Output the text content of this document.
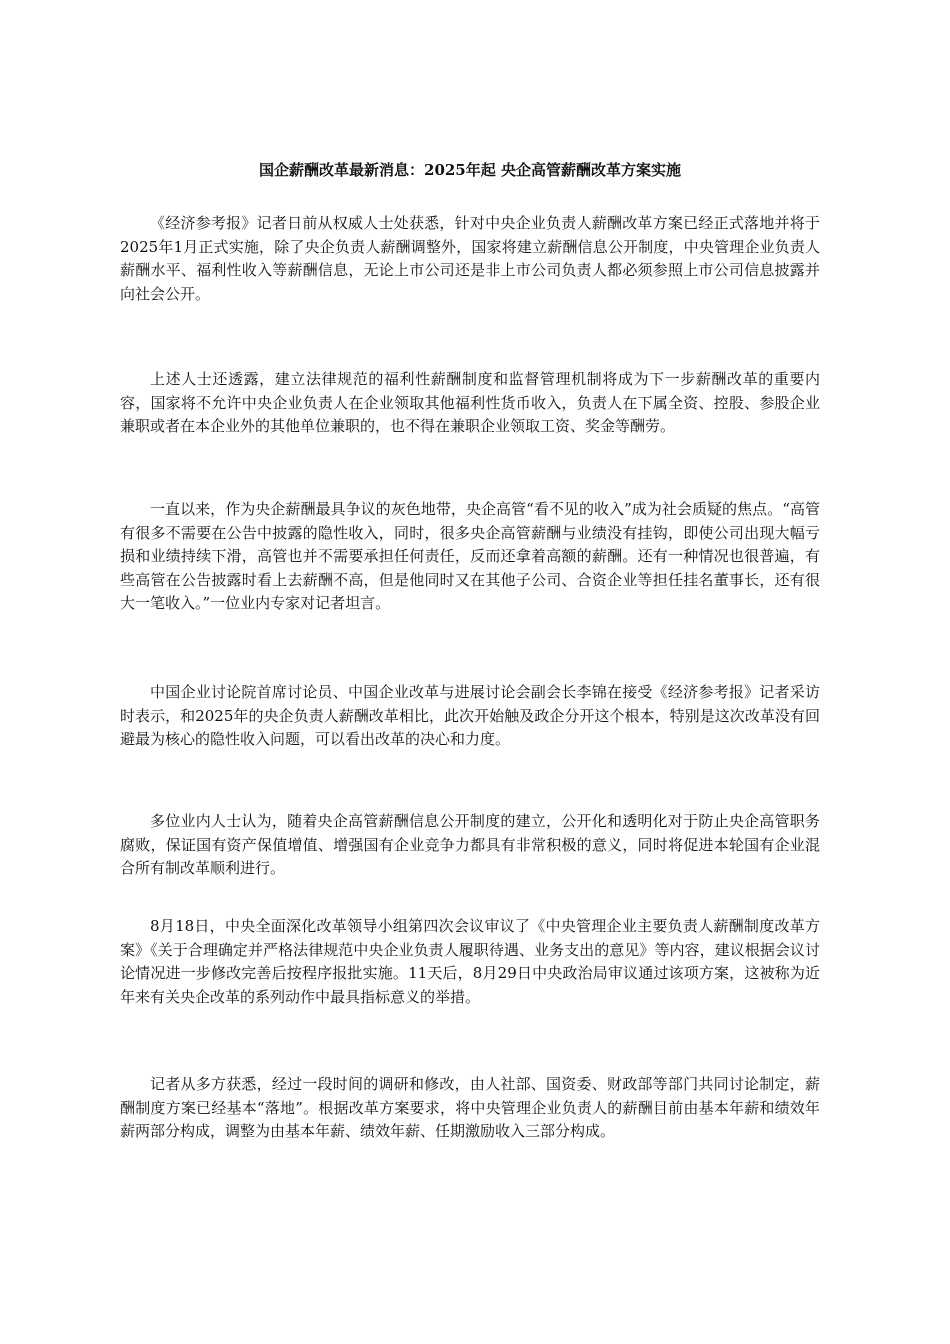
国企薪酬改革最新消息：2025年起 央企高管薪酬改革方案实施

《经济参考报》记者日前从权威人士处获悉，针对中央企业负责人薪酬改革方案已经正式落地并将于2025年1月正式实施，除了央企负责人薪酬调整外，国家将建立薪酬信息公开制度，中央管理企业负责人薪酬水平、福利性收入等薪酬信息，无论上市公司还是非上市公司负责人都必须参照上市公司信息披露并向社会公开。

上述人士还透露，建立法律规范的福利性薪酬制度和监督管理机制将成为下一步薪酬改革的重要内容，国家将不允许中央企业负责人在企业领取其他福利性货币收入，负责人在下属全资、控股、参股企业兼职或者在本企业外的其他单位兼职的，也不得在兼职企业领取工资、奖金等酬劳。

一直以来，作为央企薪酬最具争议的灰色地带，央企高管“看不见的收入”成为社会质疑的焦点。“高管有很多不需要在公告中披露的隐性收入，同时，很多央企高管薪酬与业绩没有挂钩，即使公司出现大幅亏损和业绩持续下滑，高管也并不需要承担任何责任，反而还拿着高额的薪酬。还有一种情况也很普遍，有些高管在公告披露时看上去薪酬不高，但是他同时又在其他子公司、合资企业等担任挂名董事长，还有很大一笔收入。”一位业内专家对记者坦言。

中国企业讨论院首席讨论员、中国企业改革与进展讨论会副会长李锦在接受《经济参考报》记者采访时表示，和2025年的央企负责人薪酬改革相比，此次开始触及政企分开这个根本，特别是这次改革没有回避最为核心的隐性收入问题，可以看出改革的决心和力度。

多位业内人士认为，随着央企高管薪酬信息公开制度的建立，公开化和透明化对于防止央企高管职务腐败，保证国有资产保值增值、增强国有企业竞争力都具有非常积极的意义，同时将促进本轮国有企业混合所有制改革顺利进行。

8月18日，中央全面深化改革领导小组第四次会议审议了《中央管理企业主要负责人薪酬制度改革方案》《关于合理确定并严格法律规范中央企业负责人履职待遇、业务支出的意见》等内容，建议根据会议讨论情况进一步修改完善后按程序报批实施。11天后，8月29日中央政治局审议通过该项方案，这被称为近年来有关央企改革的系列动作中最具指标意义的举措。

记者从多方获悉，经过一段时间的调研和修改，由人社部、国资委、财政部等部门共同讨论制定，薪酬制度方案已经基本“落地”。根据改革方案要求，将中央管理企业负责人的薪酬目前由基本年薪和绩效年薪两部分构成，调整为由基本年薪、绩效年薪、任期激励收入三部分构成。
